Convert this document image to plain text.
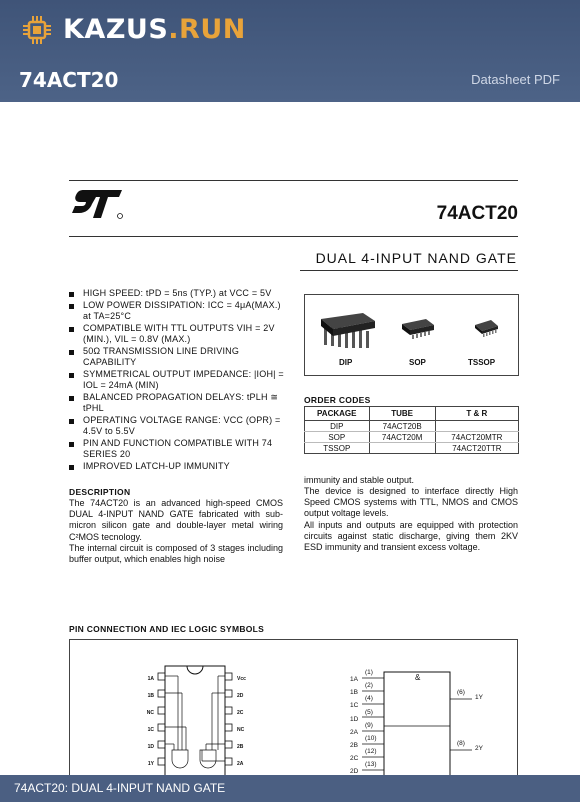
KAZUS.RUN
74ACT20	Datasheet PDF
74ACT20
DUAL 4-INPUT NAND GATE
HIGH SPEED: tPD = 5ns (TYP.) at VCC = 5V
LOW POWER DISSIPATION: ICC = 4μA(MAX.) at TA=25°C
COMPATIBLE WITH TTL OUTPUTS VIH = 2V (MIN.), VIL = 0.8V (MAX.)
50Ω TRANSMISSION LINE DRIVING CAPABILITY
SYMMETRICAL OUTPUT IMPEDANCE: |IOH| = IOL = 24mA (MIN)
BALANCED PROPAGATION DELAYS: tPLH ≅ tPHL
OPERATING VOLTAGE RANGE: VCC (OPR) = 4.5V to 5.5V
PIN AND FUNCTION COMPATIBLE WITH 74 SERIES 20
IMPROVED LATCH-UP IMMUNITY
DESCRIPTION
The 74ACT20 is an advanced high-speed CMOS DUAL 4-INPUT NAND GATE fabricated with sub-micron silicon gate and double-layer metal wiring C²MOS tecnology.
The internal circuit is composed of 3 stages including buffer output, which enables high noise
DIP	SOP	TSSOP
ORDER CODES
PACKAGE	TUBE	T & R
DIP	74ACT20B	
SOP	74ACT20M	74ACT20MTR
TSSOP		74ACT20TTR
immunity and stable output.
The device is designed to interface directly High Speed CMOS systems with TTL, NMOS and CMOS output voltage levels.
All inputs and outputs are equipped with protection circuits against static discharge, giving them 2KV ESD immunity and transient excess voltage.
PIN CONNECTION AND IEC LOGIC SYMBOLS
1A
1B
NC
1C
1D
1Y
Vcc
2D
2C
NC
2B
2A
1A
1B
1C
1D
2A
2B
2C
2D
(1)
(2)
(4)
(5)
(9)
(10)
(12)
(13)
&
(6)
1Y
(8)
2Y
74ACT20: DUAL 4-INPUT NAND GATE
